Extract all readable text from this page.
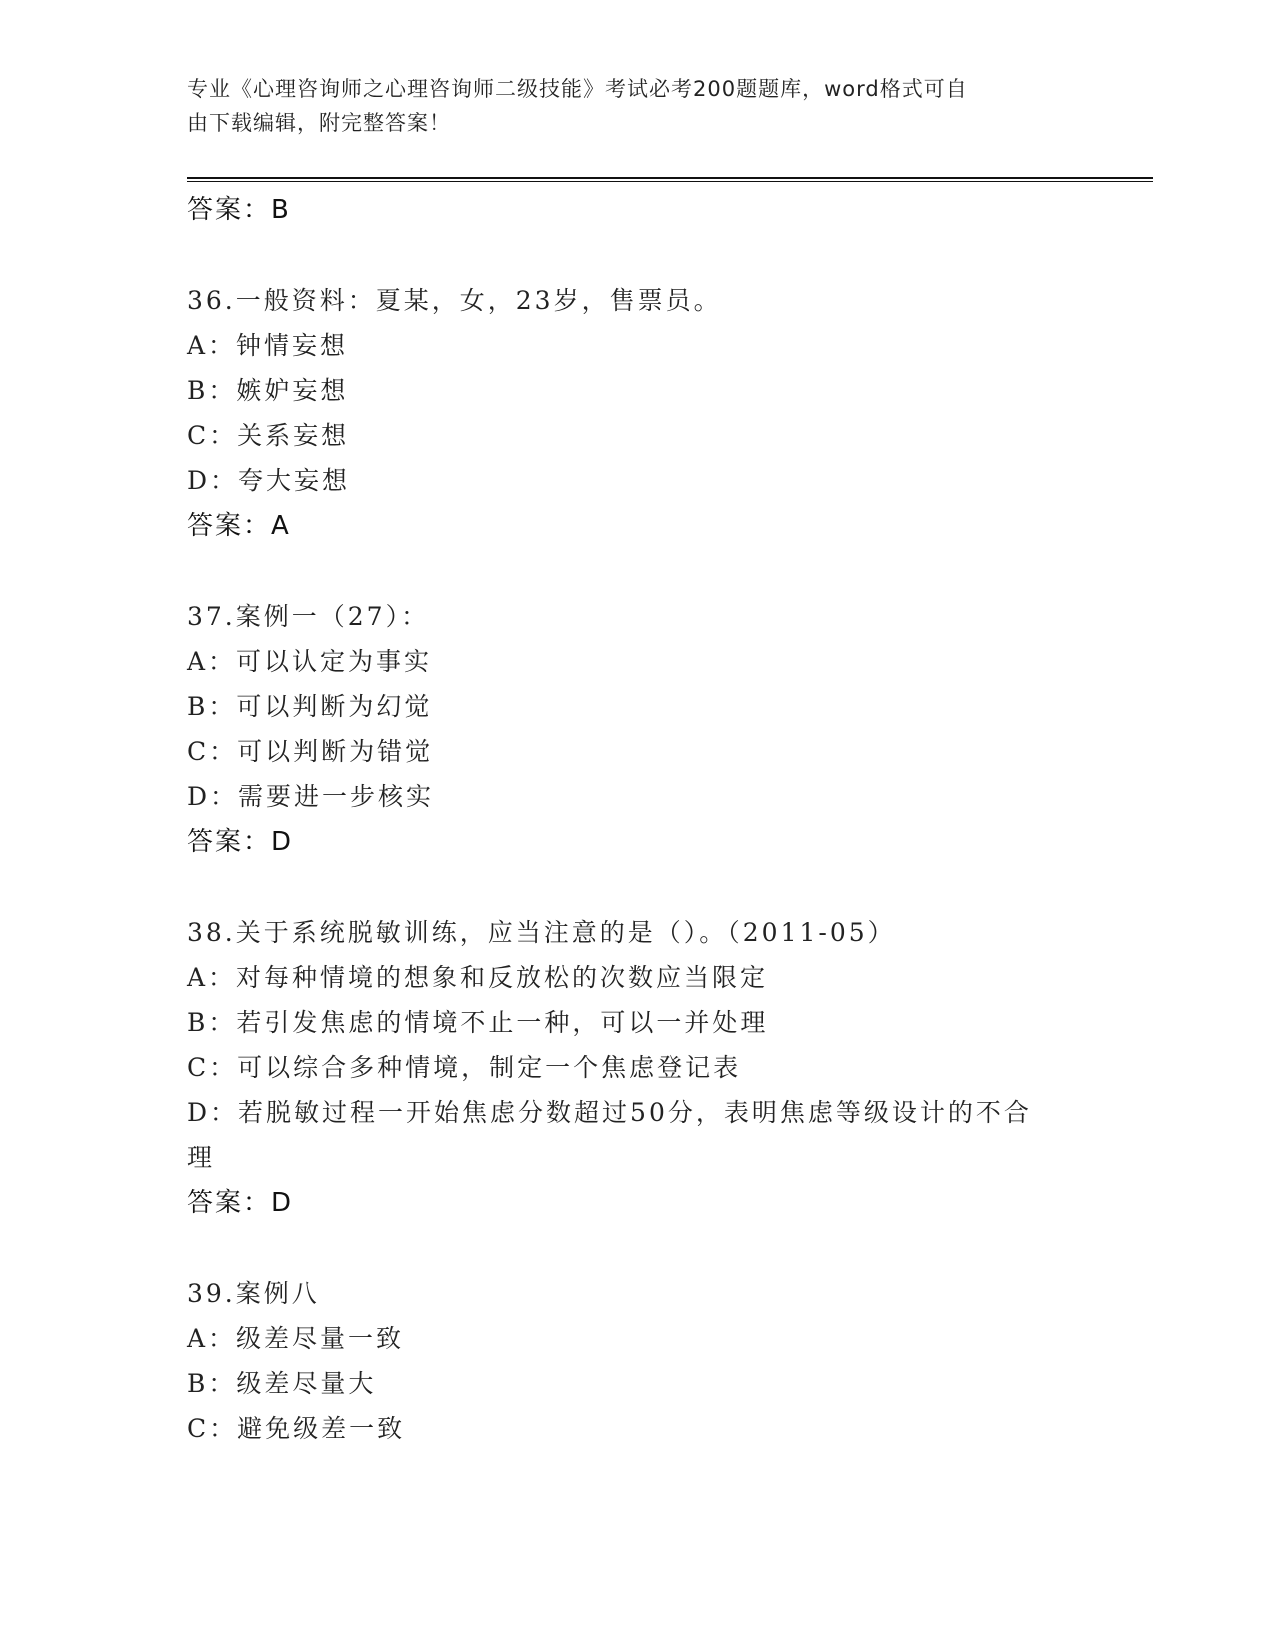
专业《心理咨询师之心理咨询师二级技能》考试必考200题题库，word格式可自
由下载编辑，附完整答案！
答案：B
36.一般资料：夏某，女，23岁，售票员。
A：钟情妄想
B：嫉妒妄想
C：关系妄想
D：夸大妄想
答案：A
37.案例一（27）：
A：可以认定为事实
B：可以判断为幻觉
C：可以判断为错觉
D：需要进一步核实
答案：D
38.关于系统脱敏训练，应当注意的是（）。（2011-05）
A：对每种情境的想象和反放松的次数应当限定
B：若引发焦虑的情境不止一种，可以一并处理
C：可以综合多种情境，制定一个焦虑登记表
D：若脱敏过程一开始焦虑分数超过50分，表明焦虑等级设计的不合
理
答案：D
39.案例八
A：级差尽量一致
B：级差尽量大
C：避免级差一致
